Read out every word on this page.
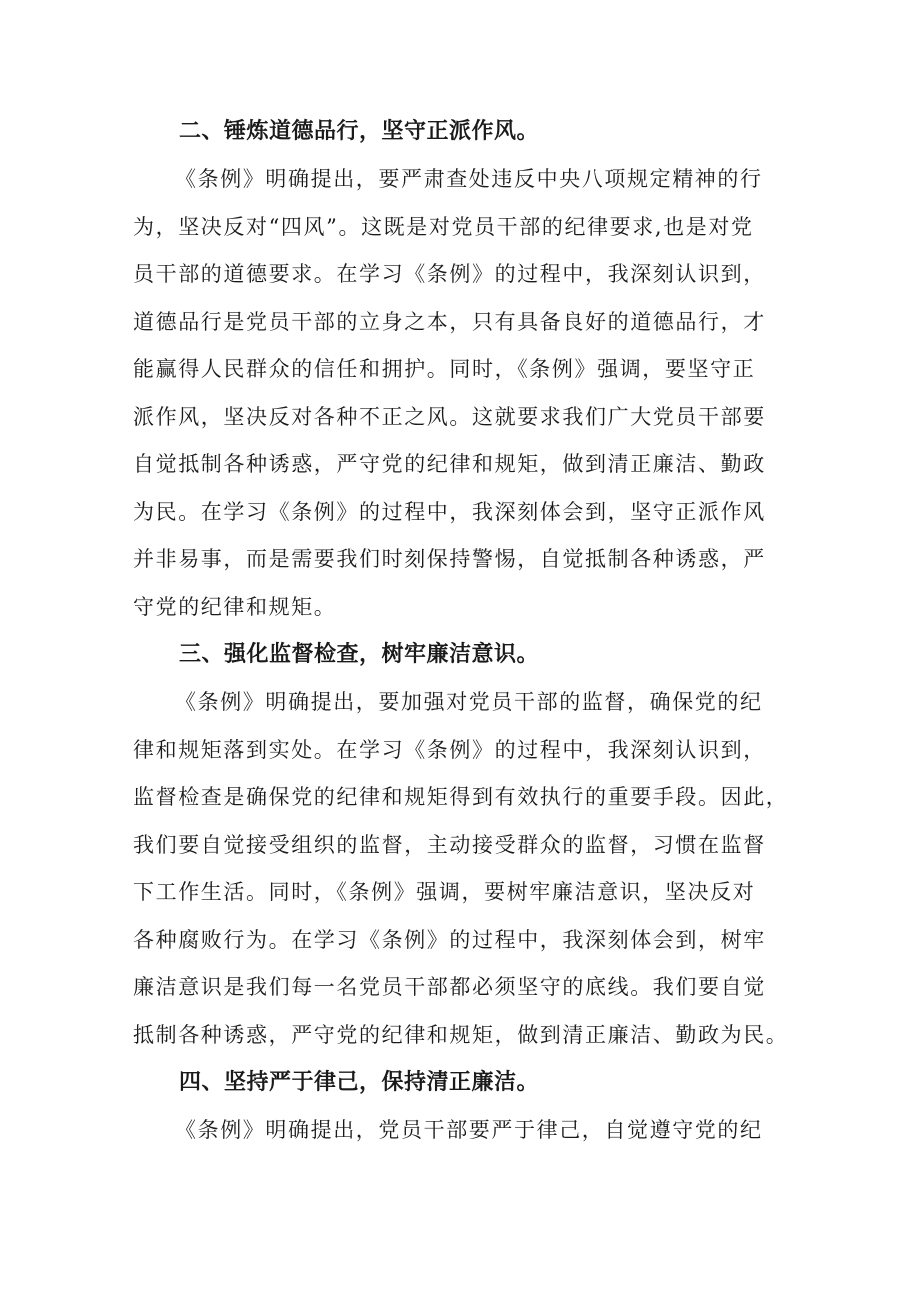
二、锤炼道德品行，坚守正派作风。

《条例》明确提出，要严肃查处违反中央八项规定精神的行
为，坚决反对“四风”。这既是对党员干部的纪律要求,也是对党
员干部的道德要求。在学习《条例》的过程中，我深刻认识到，
道德品行是党员干部的立身之本，只有具备良好的道德品行，才
能赢得人民群众的信任和拥护。同时，《条例》强调，要坚守正
派作风，坚决反对各种不正之风。这就要求我们广大党员干部要
自觉抵制各种诱惑，严守党的纪律和规矩，做到清正廉洁、勤政
为民。在学习《条例》的过程中，我深刻体会到，坚守正派作风
并非易事，而是需要我们时刻保持警惕，自觉抵制各种诱惑，严
守党的纪律和规矩。

三、强化监督检查，树牢廉洁意识。

《条例》明确提出，要加强对党员干部的监督，确保党的纪
律和规矩落到实处。在学习《条例》的过程中，我深刻认识到，
监督检查是确保党的纪律和规矩得到有效执行的重要手段。因此，
我们要自觉接受组织的监督，主动接受群众的监督，习惯在监督
下工作生活。同时，《条例》强调，要树牢廉洁意识，坚决反对
各种腐败行为。在学习《条例》的过程中，我深刻体会到，树牢
廉洁意识是我们每一名党员干部都必须坚守的底线。我们要自觉
抵制各种诱惑，严守党的纪律和规矩，做到清正廉洁、勤政为民。

四、坚持严于律己，保持清正廉洁。

《条例》明确提出，党员干部要严于律己，自觉遵守党的纪
